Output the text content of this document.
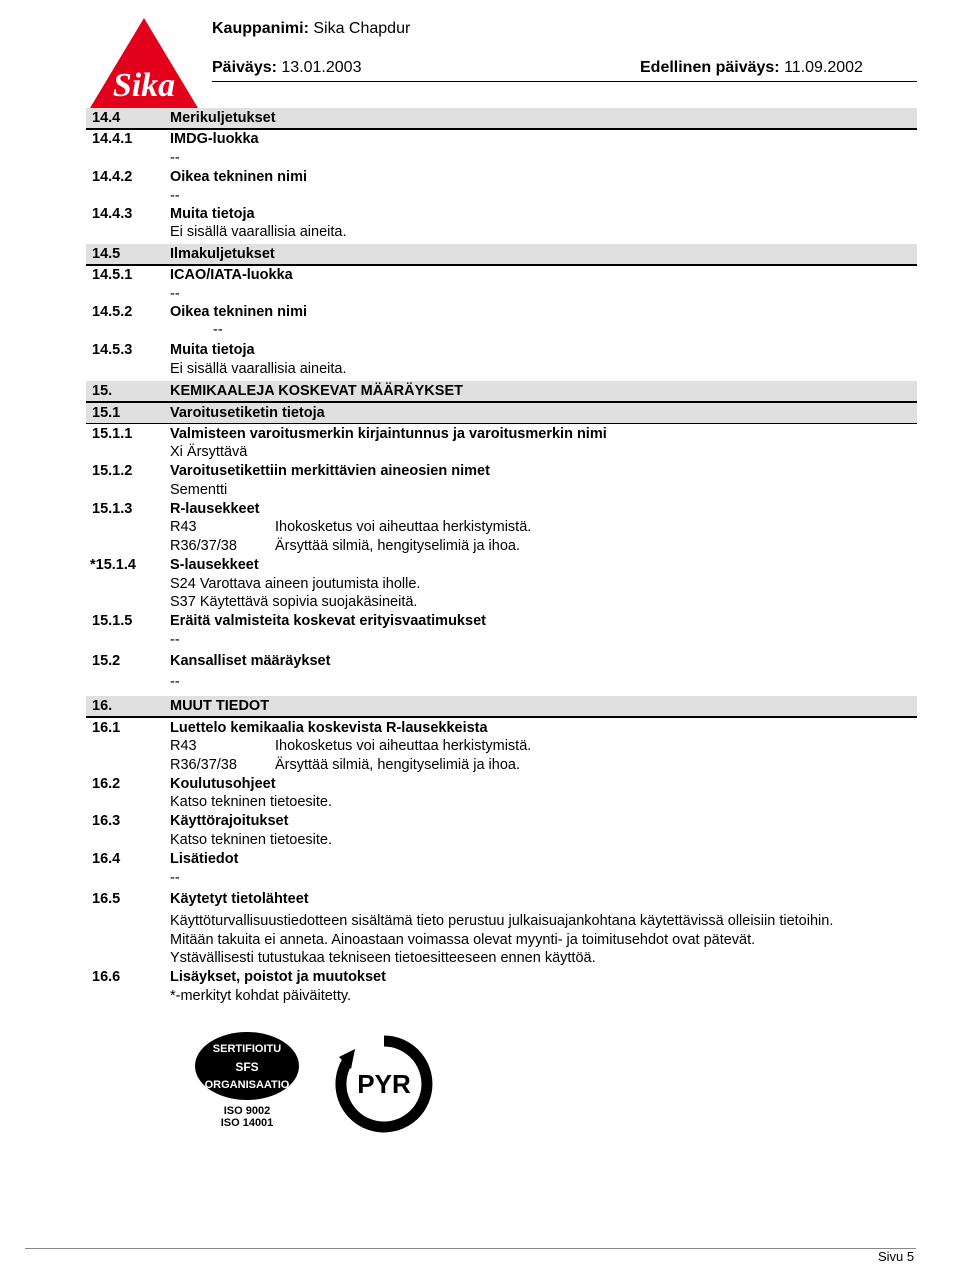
Sika
Kauppanimi: Sika Chapdur
Päiväys: 13.01.2003	Edellinen päiväys: 11.09.2002
14.4	Merikuljetukset
14.4.1	IMDG-luokka
--
14.4.2	Oikea tekninen nimi
--
14.4.3	Muita tietoja
Ei sisällä vaarallisia aineita.
14.5	Ilmakuljetukset
14.5.1	ICAO/IATA-luokka
--
14.5.2	Oikea tekninen nimi
--
14.5.3	Muita tietoja
Ei sisällä vaarallisia aineita.
15.	KEMIKAALEJA KOSKEVAT MÄÄRÄYKSET
15.1	Varoitusetiketin tietoja
15.1.1	Valmisteen varoitusmerkin kirjaintunnus ja varoitusmerkin nimi
Xi Ärsyttävä
15.1.2	Varoitusetikettiin merkittävien aineosien nimet
Sementti
15.1.3	R-lausekkeet
R43	Ihokosketus voi aiheuttaa herkistymistä.
R36/37/38	Ärsyttää silmiä, hengityselimiä ja ihoa.
*15.1.4 S-lausekkeet
S24 Varottava aineen joutumista iholle.
S37 Käytettävä sopivia suojakäsineitä.
15.1.5	Eräitä valmisteita koskevat erityisvaatimukset
--
15.2	Kansalliset määräykset
--
16.	MUUT TIEDOT
16.1	Luettelo kemikaalia koskevista R-lausekkeista
R43	Ihokosketus voi aiheuttaa herkistymistä.
R36/37/38	Ärsyttää silmiä, hengityselimiä ja ihoa.
16.2	Koulutusohjeet
Katso tekninen tietoesite.
16.3	Käyttörajoitukset
Katso tekninen tietoesite.
16.4	Lisätiedot
--
16.5	Käytetyt tietolähteet
Käyttöturvallisuustiedotteen sisältämä tieto perustuu julkaisuajankohtana käytettävissä olleisiin tietoihin.
Mitään takuita ei anneta. Ainoastaan voimassa olevat myynti- ja toimitusehdot ovat pätevät.
Ystävällisesti tutustukaa tekniseen tietoesitteeseen ennen käyttöä.
16.6	Lisäykset, poistot ja muutokset
*-merkityt kohdat päiväitetty.
SERTIFIOITU
SFS
ORGANISAATIO
ISO 9002
ISO 14001
PYR
Sivu 5
